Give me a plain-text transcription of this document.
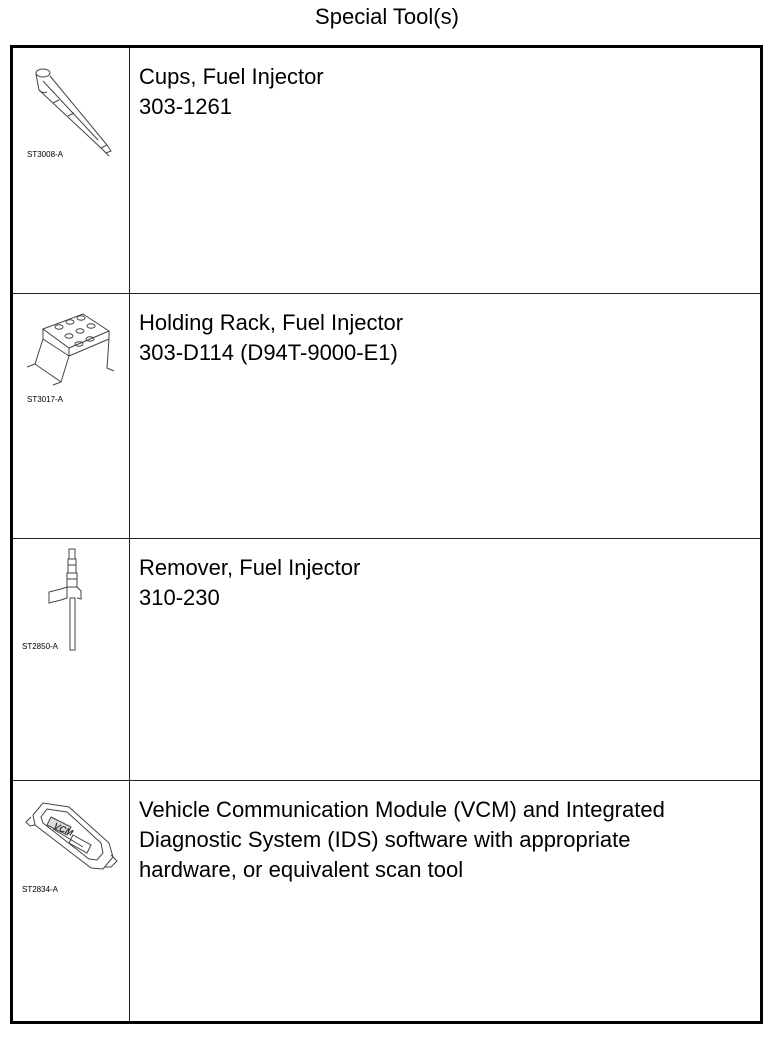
Special Tool(s)
ST3008-A
Cups, Fuel Injector
303-1261
ST3017-A
Holding Rack, Fuel Injector
303-D114 (D94T-9000-E1)
ST2850-A
Remover, Fuel Injector
310-230
VCM
ST2834-A
Vehicle Communication Module (VCM) and Integrated
Diagnostic System (IDS) software with appropriate
hardware, or equivalent scan tool
